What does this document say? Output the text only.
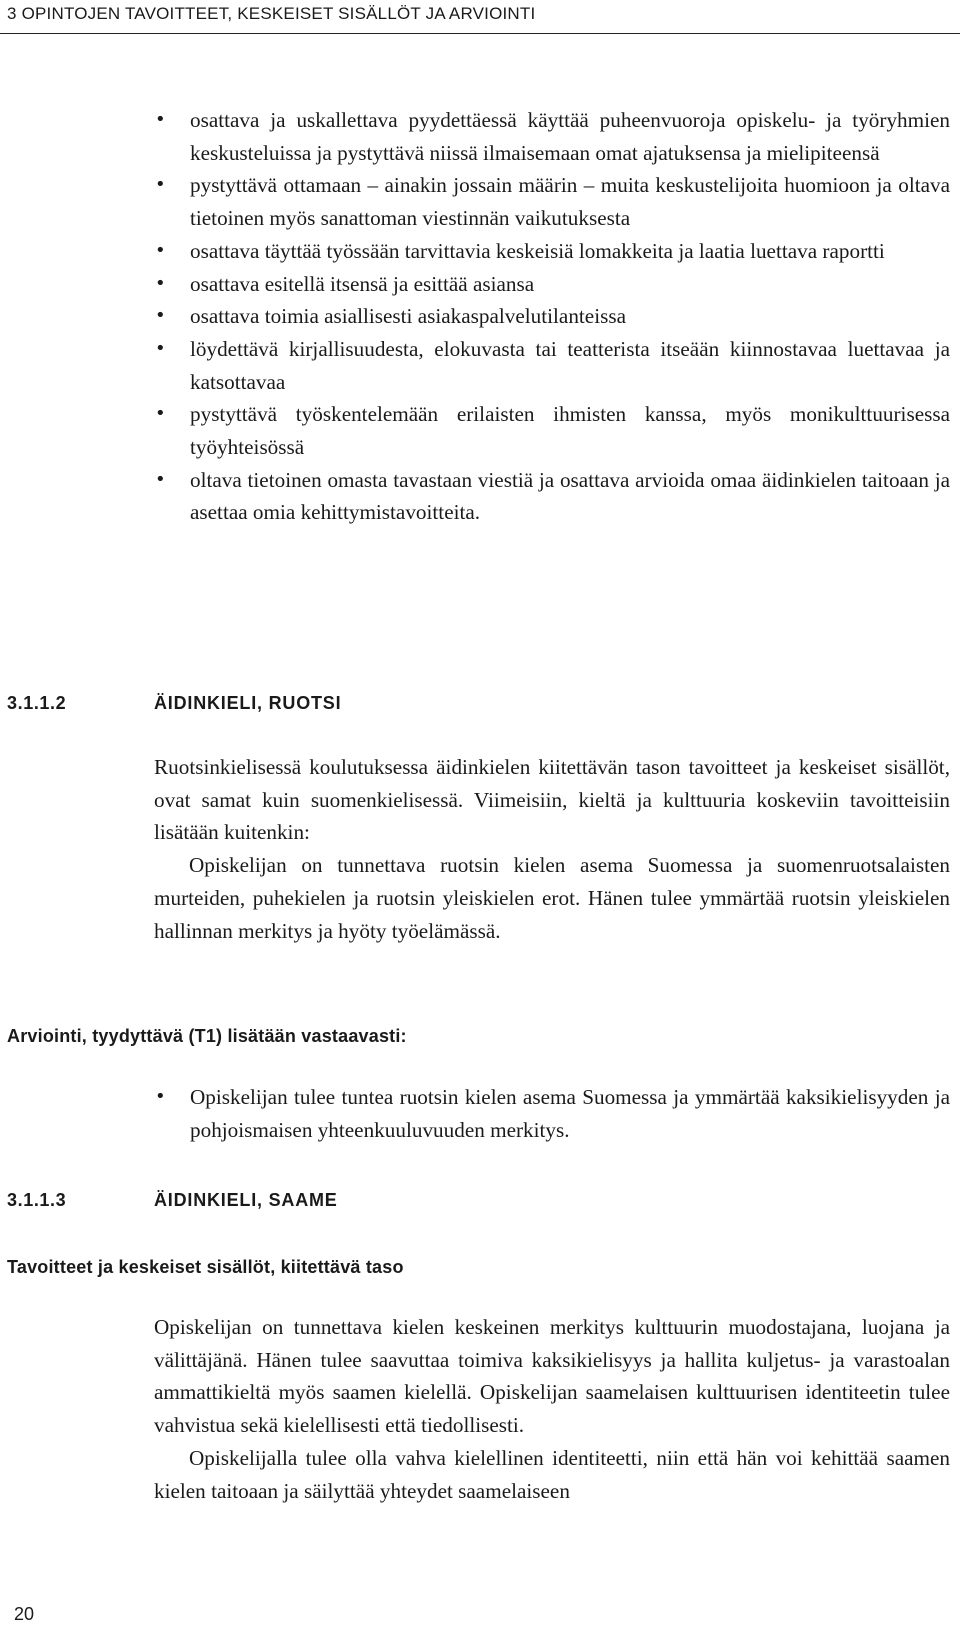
3 OPINTOJEN TAVOITTEET, KESKEISET SISÄLLÖT JA ARVIOINTI
• osattava ja uskallettava pyydettäessä käyttää puheenvuoroja opiskelu- ja työryhmien keskusteluissa ja pystyttävä niissä ilmaisemaan omat ajatuksensa ja mielipiteensä
• pystyttävä ottamaan – ainakin jossain määrin – muita keskustelijoita huomioon ja oltava tietoinen myös sanattoman viestinnän vaikutuksesta
• osattava täyttää työssään tarvittavia keskeisiä lomakkeita ja laatia luettava raportti
• osattava esitellä itsensä ja esittää asiansa
• osattava toimia asiallisesti asiakaspalvelutilanteissa
• löydettävä kirjallisuudesta, elokuvasta tai teatterista itseään kiinnostavaa luettavaa ja katsottavaa
• pystyttävä työskentelemään erilaisten ihmisten kanssa, myös monikulttuurisessa työyhteisössä
• oltava tietoinen omasta tavastaan viestiä ja osattava arvioida omaa äidinkielen taitoaan ja asettaa omia kehittymistavoitteita.
3.1.1.2	ÄIDINKIELI, RUOTSI

Ruotsinkielisessä koulutuksessa äidinkielen kiitettävän tason tavoitteet ja keskeiset sisällöt, ovat samat kuin suomenkielisessä. Viimeisiin, kieltä ja kulttuuria koskeviin tavoitteisiin lisätään kuitenkin:

Opiskelijan on tunnettava ruotsin kielen asema Suomessa ja suomenruotsalaisten murteiden, puhekielen ja ruotsin yleiskielen erot. Hänen tulee ymmärtää ruotsin yleiskielen hallinnan merkitys ja hyöty työelämässä.

Arviointi, tyydyttävä (T1) lisätään vastaavasti:
• Opiskelijan tulee tuntea ruotsin kielen asema Suomessa ja ymmärtää kaksikielisyyden ja pohjoismaisen yhteenkuuluvuuden merkitys.
3.1.1.3	ÄIDINKIELI, SAAME
Tavoitteet ja keskeiset sisällöt, kiitettävä taso

Opiskelijan on tunnettava kielen keskeinen merkitys kulttuurin muodostajana, luojana ja välittäjänä. Hänen tulee saavuttaa toimiva kaksikielisyys ja hallita kuljetus- ja varastoalan ammattikieltä myös saamen kielellä. Opiskelijan saamelaisen kulttuurisen identiteetin tulee vahvistua sekä kielellisesti että tiedollisesti.

Opiskelijalla tulee olla vahva kielellinen identiteetti, niin että hän voi kehittää saamen kielen taitoaan ja säilyttää yhteydet saamelaiseen

20
